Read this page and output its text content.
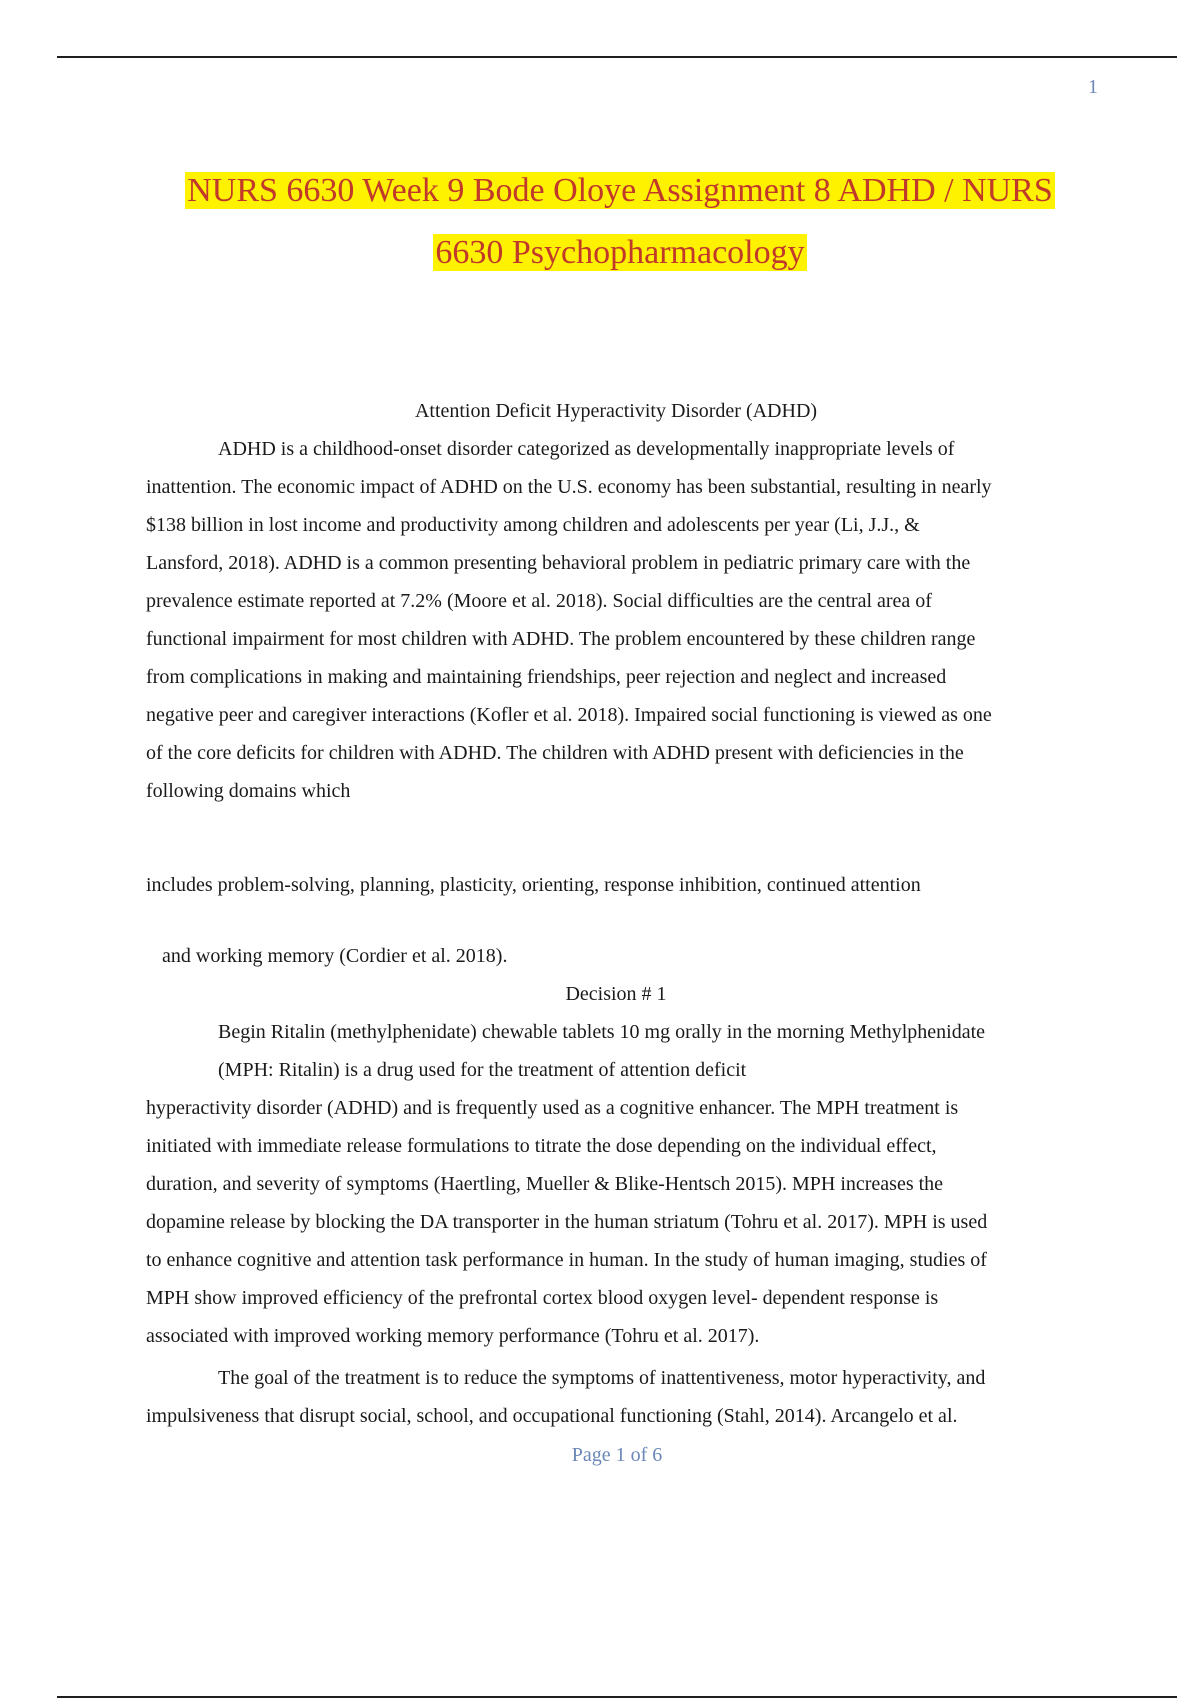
1
NURS 6630 Week 9 Bode Oloye Assignment 8 ADHD / NURS
6630 Psychopharmacology
Attention Deficit Hyperactivity Disorder (ADHD)
ADHD is a childhood-onset disorder categorized as developmentally inappropriate levels of
inattention. The economic impact of ADHD on the U.S. economy has been substantial, resulting in nearly
$138 billion in lost income and productivity among children and adolescents per year (Li, J.J., &
Lansford, 2018). ADHD is a common presenting behavioral problem in pediatric primary care with the
prevalence estimate reported at 7.2% (Moore et al. 2018). Social difficulties are the central area of
functional impairment for most children with ADHD. The problem encountered by these children range
from complications in making and maintaining friendships, peer rejection and neglect and increased
negative peer and caregiver interactions (Kofler et al. 2018). Impaired social functioning is viewed as one
of the core deficits for children with ADHD. The children with ADHD present with deficiencies in the
following domains which
includes problem-solving, planning, plasticity, orienting, response inhibition, continued attention
and working memory (Cordier et al. 2018).
Decision # 1
Begin Ritalin (methylphenidate) chewable tablets 10 mg orally in the morning Methylphenidate
(MPH: Ritalin) is a drug used for the treatment of attention deficit
hyperactivity disorder (ADHD) and is frequently used as a cognitive enhancer. The MPH treatment is
initiated with immediate release formulations to titrate the dose depending on the individual effect,
duration, and severity of symptoms (Haertling, Mueller & Blike-Hentsch 2015). MPH increases the
dopamine release by blocking the DA transporter in the human striatum (Tohru et al. 2017). MPH is used
to enhance cognitive and attention task performance in human. In the study of human imaging, studies of
MPH show improved efficiency of the prefrontal cortex blood oxygen level- dependent response is
associated with improved working memory performance (Tohru et al. 2017).
The goal of the treatment is to reduce the symptoms of inattentiveness, motor hyperactivity, and
impulsiveness that disrupt social, school, and occupational functioning (Stahl, 2014). Arcangelo et al.
Page 1 of 6
